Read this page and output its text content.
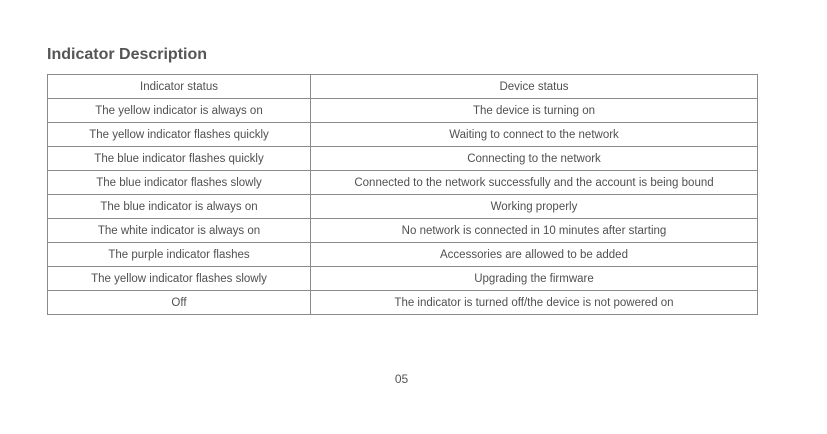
Indicator Description
Indicator status	Device status
The yellow indicator is always on	The device is turning on
The yellow indicator flashes quickly	Waiting to connect to the network
The blue indicator flashes quickly	Connecting to the network
The blue indicator flashes slowly	Connected to the network successfully and the account is being bound
The blue indicator is always on	Working properly
The white indicator is always on	No network is connected in 10 minutes after starting
The purple indicator flashes	Accessories are allowed to be added
The yellow indicator flashes slowly	Upgrading the firmware
Off	The indicator is turned off/the device is not powered on
05
